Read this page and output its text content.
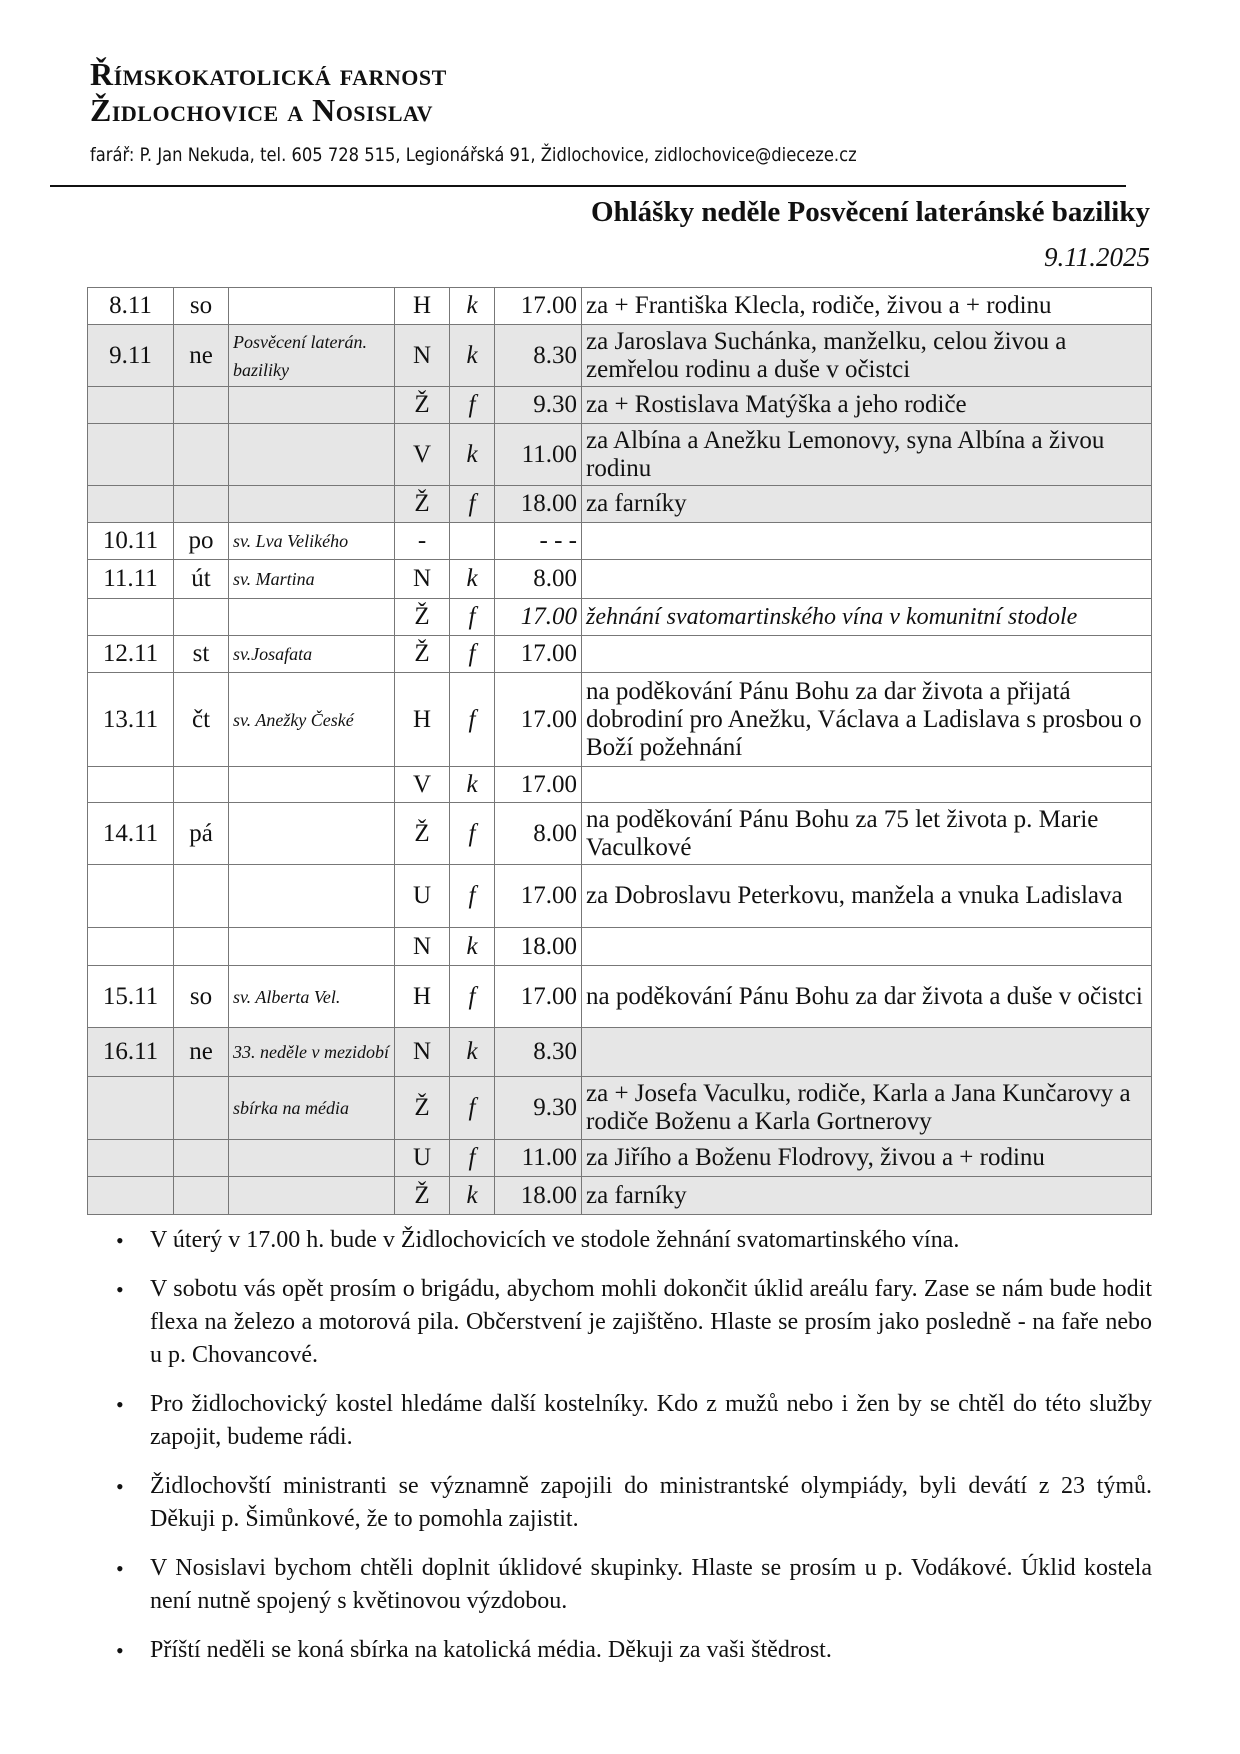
Římskokatolická farnost
Židlochovice a Nosislav
farář: P. Jan Nekuda, tel. 605 728 515, Legionářská 91, Židlochovice, zidlochovice@dieceze.cz
Ohlášky neděle Posvěcení lateránské baziliky
9.11.2025
8.11	so		H	k	17.00	za + Františka Klecla, rodiče, živou a + rodinu
9.11	ne	Posvěcení laterán. baziliky	N	k	8.30	za Jaroslava Suchánka, manželku, celou živou a zemřelou rodinu a duše v očistci
			Ž	f	9.30	za + Rostislava Matýška a jeho rodiče
			V	k	11.00	za Albína a Anežku Lemonovy, syna Albína a živou rodinu
			Ž	f	18.00	za farníky
10.11	po	sv. Lva Velikého	-		- - -	
11.11	út	sv. Martina	N	k	8.00	
			Ž	f	17.00	žehnání svatomartinského vína v komunitní stodole
12.11	st	sv.Josafata	Ž	f	17.00	
13.11	čt	sv. Anežky České	H	f	17.00	na poděkování Pánu Bohu za dar života a přijatá dobrodiní pro Anežku, Václava a Ladislava s prosbou o Boží požehnání
			V	k	17.00	
14.11	pá		Ž	f	8.00	na poděkování Pánu Bohu za 75 let života p. Marie Vaculkové
			U	f	17.00	za Dobroslavu Peterkovu, manžela a vnuka Ladislava
			N	k	18.00	
15.11	so	sv. Alberta Vel.	H	f	17.00	na poděkování Pánu Bohu za dar života a duše v očistci
16.11	ne	33. neděle v mezidobí	N	k	8.30	
		sbírka na média	Ž	f	9.30	za + Josefa Vaculku, rodiče, Karla a Jana Kunčarovy a rodiče Boženu a Karla Gortnerovy
			U	f	11.00	za Jiřího a Boženu Flodrovy, živou a + rodinu
			Ž	k	18.00	za farníky
• V úterý v 17.00 h. bude v Židlochovicích ve stodole žehnání svatomartinského vína.
• V sobotu vás opět prosím o brigádu, abychom mohli dokončit úklid areálu fary. Zase se nám bude hodit flexa na železo a motorová pila. Občerstvení je zajištěno. Hlaste se prosím jako posledně - na faře nebo u p. Chovancové.
• Pro židlochovický kostel hledáme další kostelníky. Kdo z mužů nebo i žen by se chtěl do této služby zapojit, budeme rádi.
• Židlochovští ministranti se významně zapojili do ministrantské olympiády, byli devátí z 23 týmů. Děkuji p. Šimůnkové, že to pomohla zajistit.
• V Nosislavi bychom chtěli doplnit úklidové skupinky. Hlaste se prosím u p. Vodákové. Úklid kostela není nutně spojený s květinovou výzdobou.
• Příští neděli se koná sbírka na katolická média. Děkuji za vaši štědrost.
